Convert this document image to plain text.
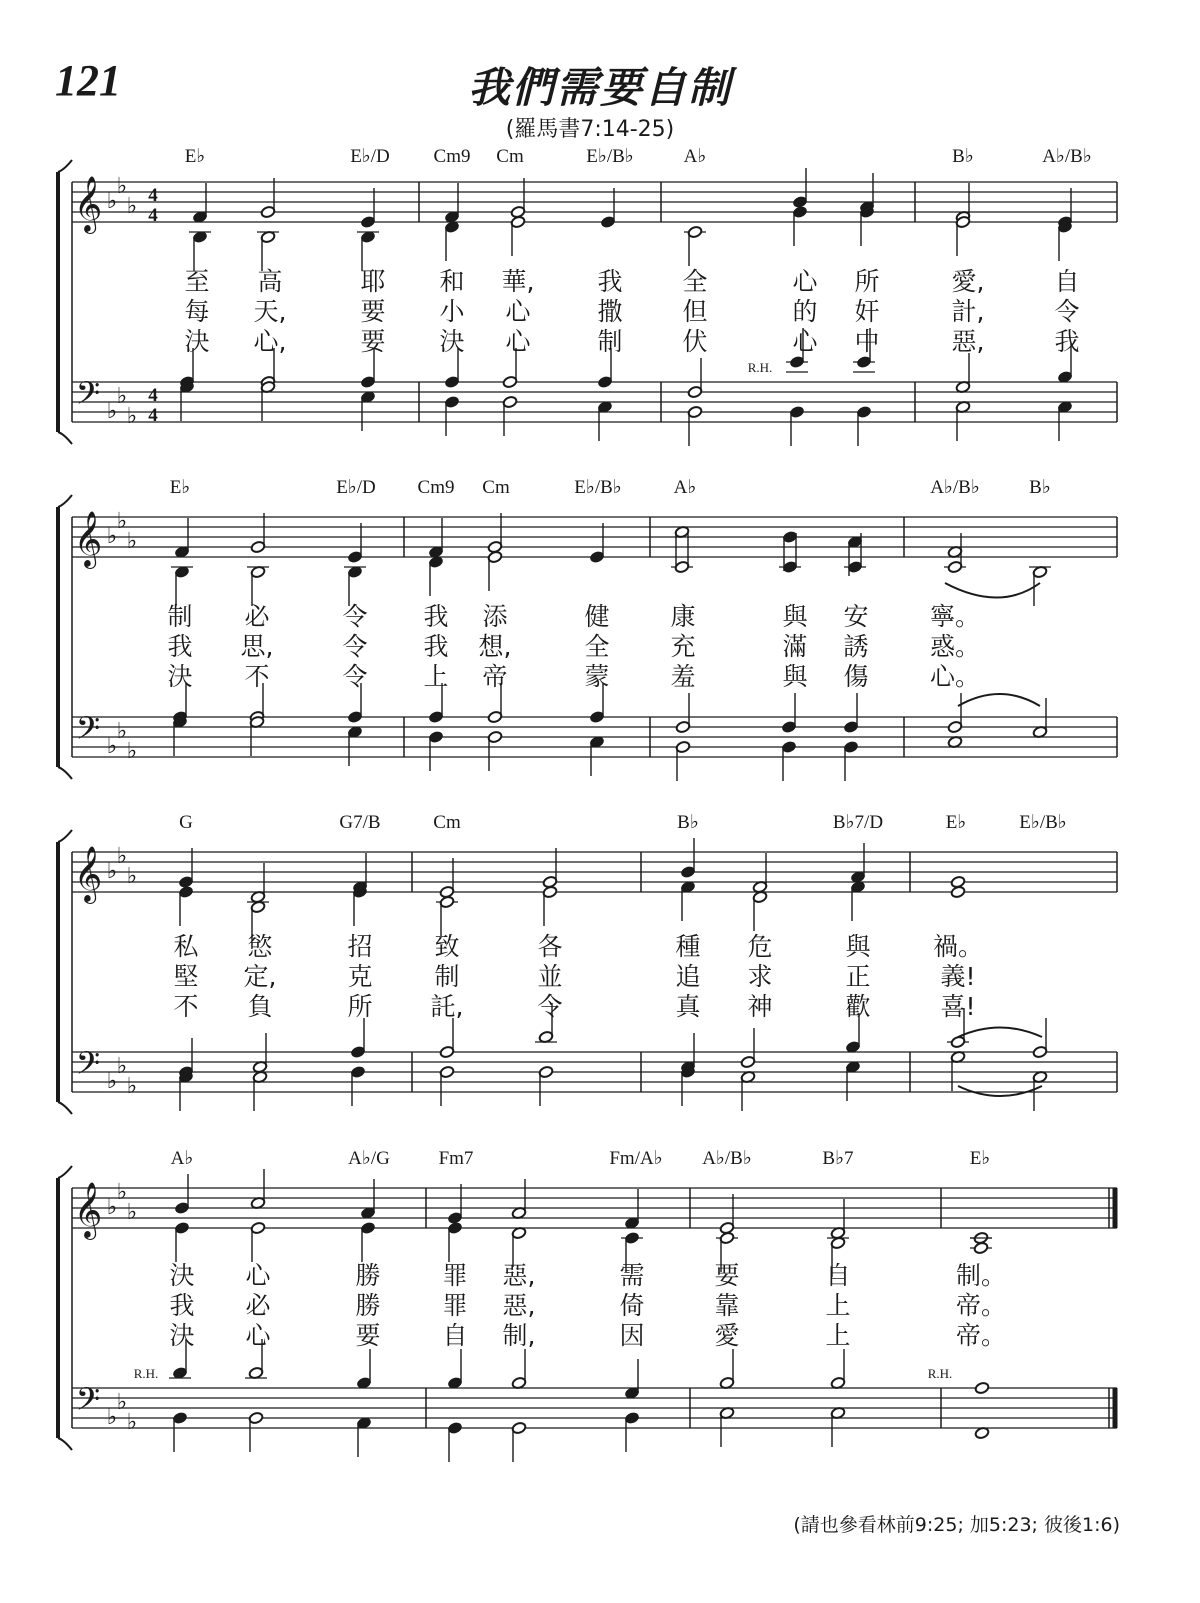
121	我們需要自制
(羅馬書7:14-25)
(請也參看林前9:25; 加5:23; 彼後1:6)
𝄞
𝄢
♭
♭
♭
♭
♭
♭
4
4
4
4
E♭	E♭/D Cm9 Cm	E♭/B♭	A♭	B♭	A♭/B♭
至 高	耶 和 華,	我 全	心 所	愛,	自
每 天,	要 小 心	撒 但	的 奸	計,	令
決 心,	要 決 心	制 伏	心 中	惡,	我
𝄞
𝄢
♭
♭
♭
♭
♭
♭
E♭	E♭/D Cm9 Cm	E♭/B♭	A♭	A♭/B♭	B♭
制 必	令 我 添	健 康	與 安 寧。
我 思,	令 我 想,	全 充	滿 誘 惑。
決 不	令 上 帝	蒙 羞	與 傷 心。
𝄞
𝄢
♭
♭
♭
♭
♭
♭
G	G7/B	Cm	B♭	B♭7/D	E♭	E♭/B♭
私 慾	招 致	各	種 危	與 禍。
堅 定,	克 制	並	追 求	正	義!
不 負	所 託,	令	真 神	歡	喜!
𝄞
𝄢
♭
♭
♭
♭
♭
♭
A♭	A♭/G	Fm7	Fm/A♭ A♭/B♭	B♭7	E♭
決 心	勝 罪 惡,	需	要	自	制。
我 必	勝 罪 惡,	倚	靠	上	帝。
決 心	要 自 制,	因	愛	上	帝。
R.H.
R.H.	R.H.
